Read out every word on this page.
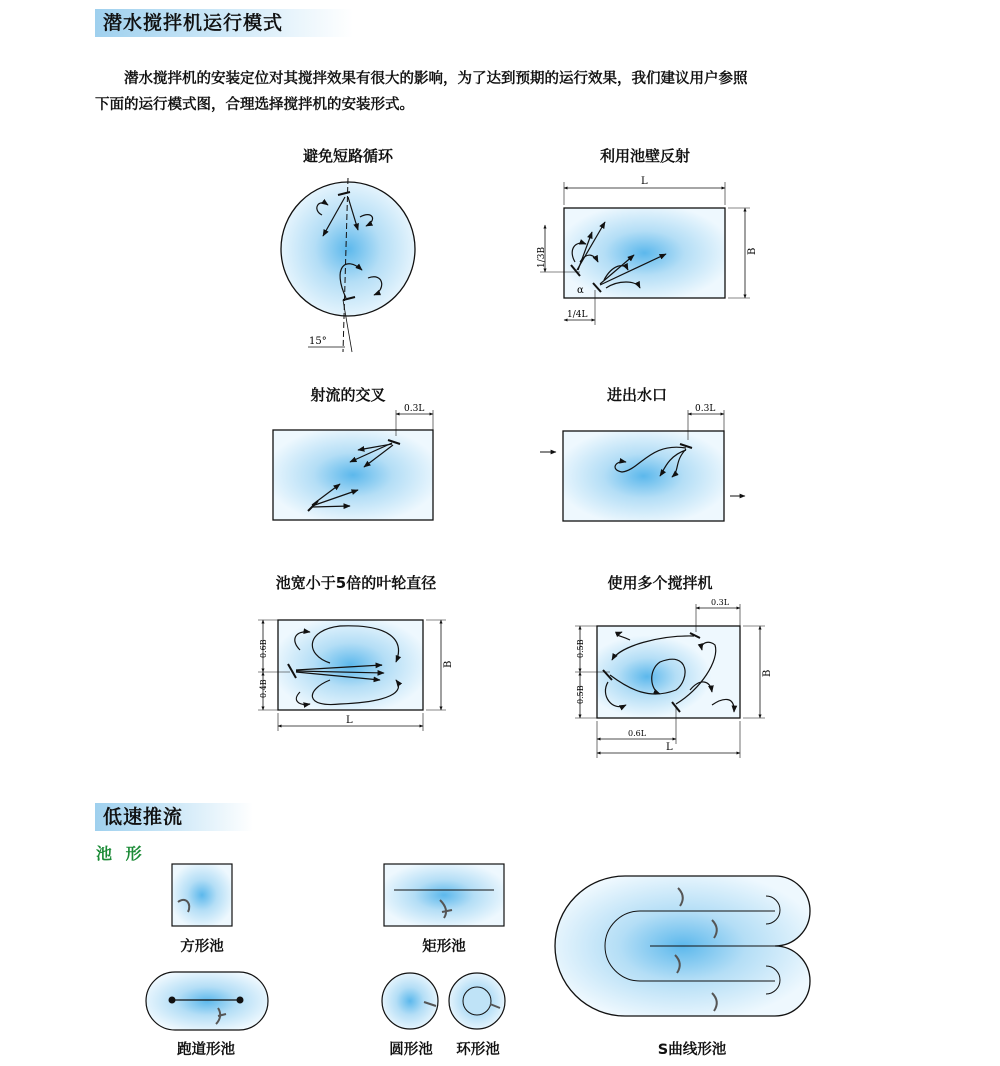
潜水搅拌机运行模式
潜水搅拌机的安装定位对其搅拌效果有很大的影响，为了达到预期的运行效果，我们建议用户参照
下面的运行模式图，合理选择搅拌机的安装形式。
避免短路循环	利用池壁反射
射流的交叉	进出水口
池宽小于5倍的叶轮直径	使用多个搅拌机
15°
L
B
1/3B
1/4L
α
0.3L	0.3L
0.6B
0.4B
B
L
0.3L
0.5B
0.5B
B
0.6L
L
低速推流
池 形
方形池	矩形池
跑道形池	圆形池 环形池	S曲线形池
